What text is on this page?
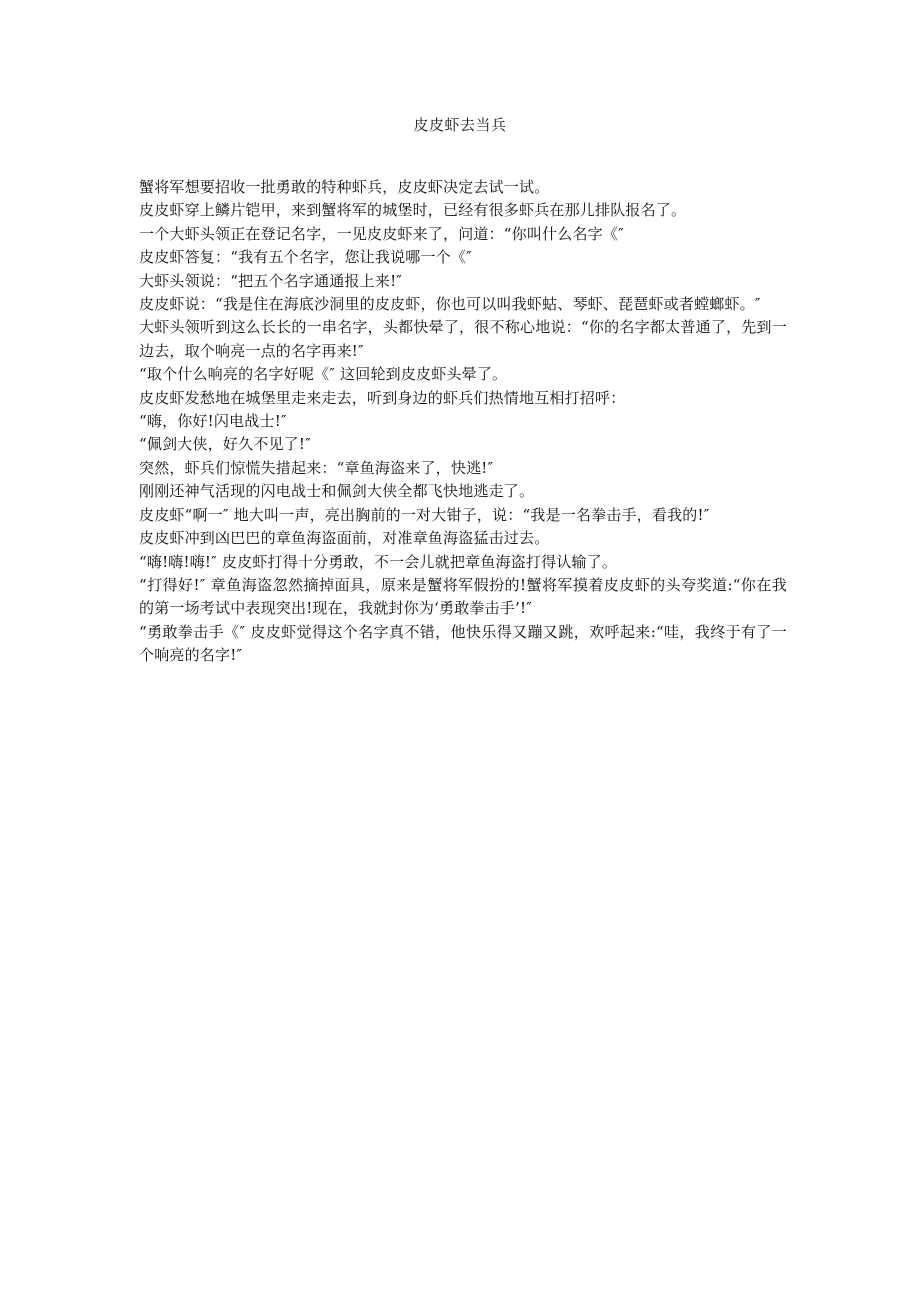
皮皮虾去当兵

蟹将军想要招收一批勇敢的特种虾兵，皮皮虾决定去试一试。

皮皮虾穿上鳞片铠甲，来到蟹将军的城堡时，已经有很多虾兵在那儿排队报名了。

一个大虾头领正在登记名字，一见皮皮虾来了，问道：“你叫什么名字《″

皮皮虾答复：“我有五个名字，您让我说哪一个《″

大虾头领说：“把五个名字通通报上来!″

皮皮虾说：“我是住在海底沙洞里的皮皮虾，你也可以叫我虾蛄、琴虾、琵琶虾或者螳螂虾。″

大虾头领听到这么长长的一串名字，头都快晕了，很不称心地说：“你的名字都太普通了，先到一边去，取个响亮一点的名字再来!″

“取个什么响亮的名字好呢《″ 这回轮到皮皮虾头晕了。

皮皮虾发愁地在城堡里走来走去，听到身边的虾兵们热情地互相打招呼：

“嗨，你好!闪电战士!″

“佩剑大侠，好久不见了!″

突然，虾兵们惊慌失措起来：“章鱼海盗来了，快逃!″

刚刚还神气活现的闪电战士和佩剑大侠全都飞快地逃走了。

皮皮虾“啊一″ 地大叫一声，亮出胸前的一对大钳子，说：“我是一名拳击手，看我的!″

皮皮虾冲到凶巴巴的章鱼海盗面前，对准章鱼海盗猛击过去。

“嗨!嗨!嗨!″ 皮皮虾打得十分勇敢，不一会儿就把章鱼海盗打得认输了。

“打得好!″ 章鱼海盗忽然摘掉面具，原来是蟹将军假扮的!蟹将军摸着皮皮虾的头夸奖道:“你在我的第一场考试中表现突出!现在，我就封你为‘勇敢拳击手’!″

“勇敢拳击手《″ 皮皮虾觉得这个名字真不错，他快乐得又蹦又跳，欢呼起来:“哇，我终于有了一个响亮的名字!″
